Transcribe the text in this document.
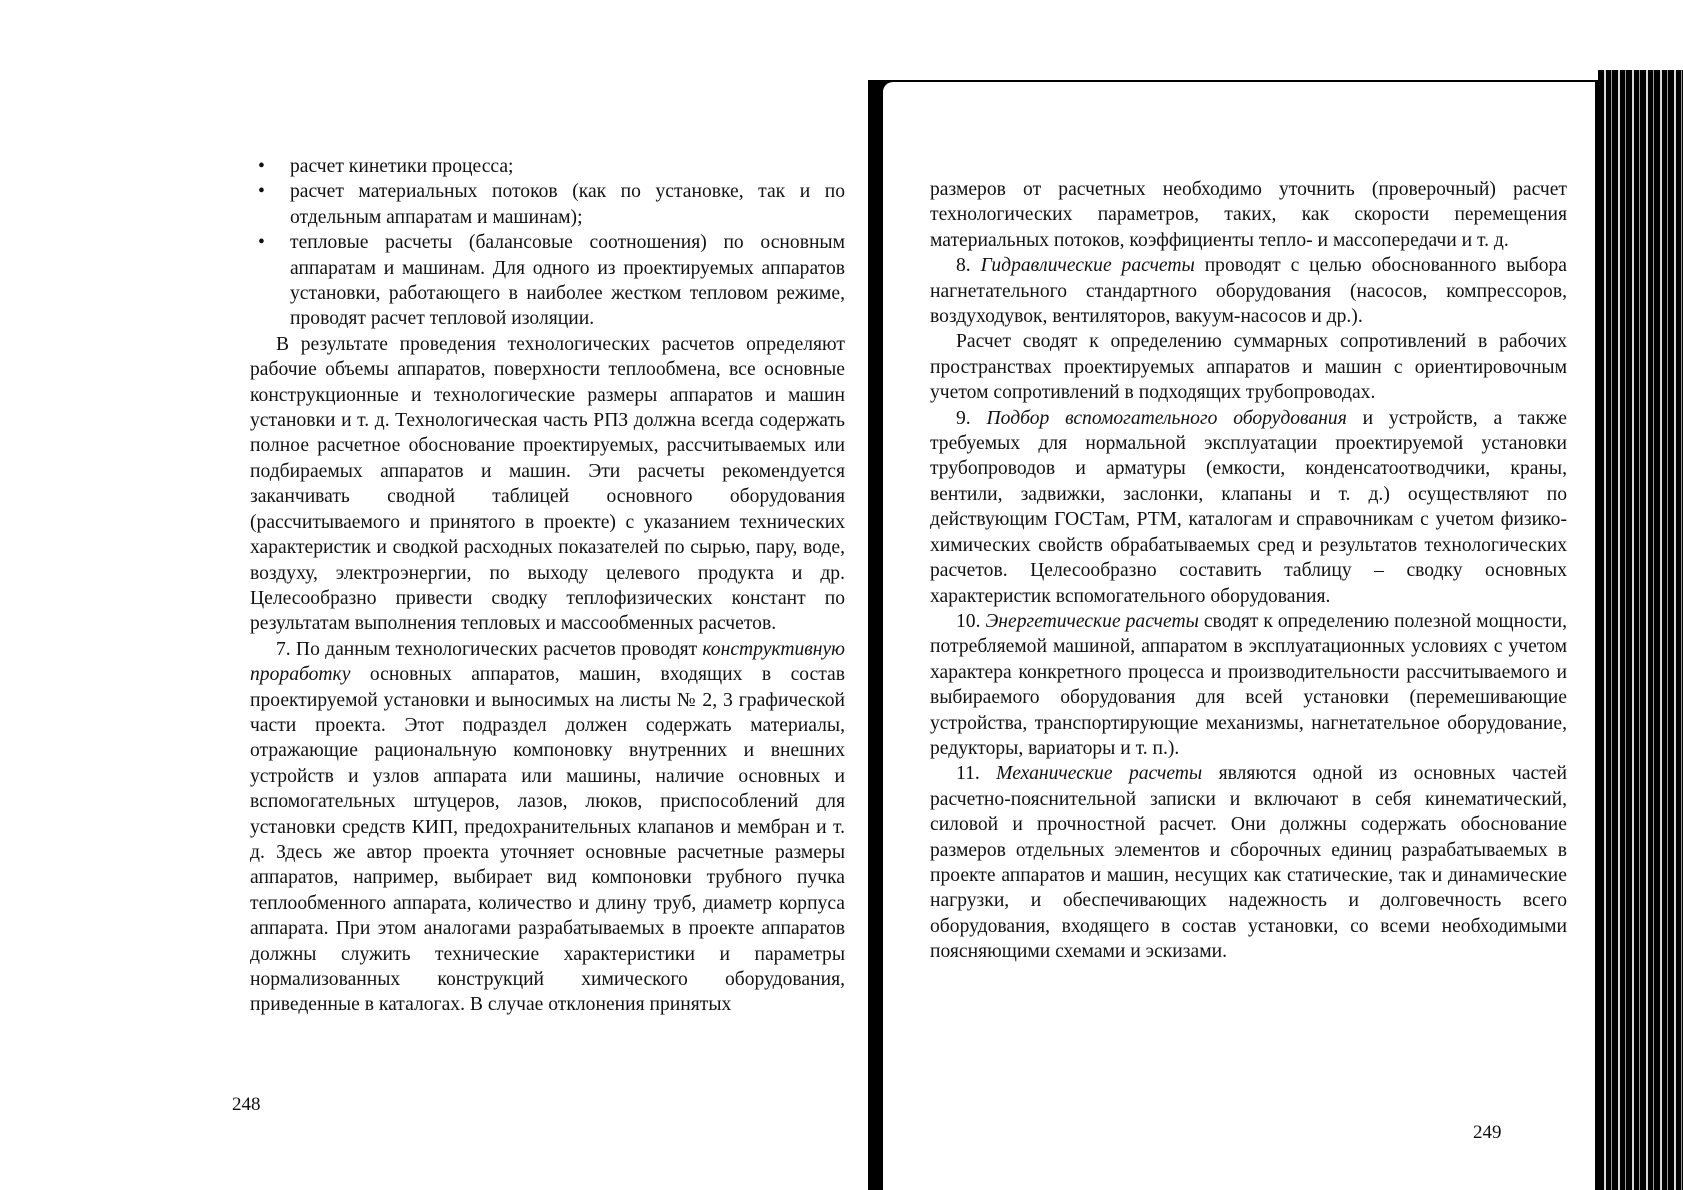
• расчет кинетики процесса;
• расчет материальных потоков (как по установке, так и по отдельным аппаратам и машинам);
• тепловые расчеты (балансовые соотношения) по основным аппаратам и машинам. Для одного из проектируемых аппаратов установки, работающего в наиболее жестком тепловом режиме, проводят расчет тепловой изоляции.

В результате проведения технологических расчетов определяют рабочие объемы аппаратов, поверхности теплообмена, все основные конструкционные и технологические размеры аппаратов и машин установки и т. д. Технологическая часть РПЗ должна всегда содержать полное расчетное обоснование проектируемых, рассчитываемых или подбираемых аппаратов и машин. Эти расчеты рекомендуется заканчивать сводной таблицей основного оборудования (рассчитываемого и принятого в проекте) с указанием технических характеристик и сводкой расходных показателей по сырью, пару, воде, воздуху, электроэнергии, по выходу целевого продукта и др. Целесообразно привести сводку теплофизических констант по результатам выполнения тепловых и массообменных расчетов.

7. По данным технологических расчетов проводят конструктивную проработку основных аппаратов, машин, входящих в состав проектируемой установки и выносимых на листы № 2, 3 графической части проекта. Этот подраздел должен содержать материалы, отражающие рациональную компоновку внутренних и внешних устройств и узлов аппарата или машины, наличие основных и вспомогательных штуцеров, лазов, люков, приспособлений для установки средств КИП, предохранительных клапанов и мембран и т. д. Здесь же автор проекта уточняет основные расчетные размеры аппаратов, например, выбирает вид компоновки трубного пучка теплообменного аппарата, количество и длину труб, диаметр корпуса аппарата. При этом аналогами разрабатываемых в проекте аппаратов должны служить технические характеристики и параметры нормализованных конструкций химического оборудования, приведенные в каталогах. В случае отклонения принятых

248

размеров от расчетных необходимо уточнить (проверочный) расчет технологических параметров, таких, как скорости перемещения материальных потоков, коэффициенты тепло- и массопередачи и т. д.

8. Гидравлические расчеты проводят с целью обоснованного выбора нагнетательного стандартного оборудования (насосов, компрессоров, воздуходувок, вентиляторов, вакуум-насосов и др.).

Расчет сводят к определению суммарных сопротивлений в рабочих пространствах проектируемых аппаратов и машин с ориентировочным учетом сопротивлений в подходящих трубопроводах.

9. Подбор вспомогательного оборудования и устройств, а также требуемых для нормальной эксплуатации проектируемой установки трубопроводов и арматуры (емкости, конденсатоотводчики, краны, вентили, задвижки, заслонки, клапаны и т. д.) осуществляют по действующим ГОСТам, РТМ, каталогам и справочникам с учетом физико-химических свойств обрабатываемых сред и результатов технологических расчетов. Целесообразно составить таблицу – сводку основных характеристик вспомогательного оборудования.

10. Энергетические расчеты сводят к определению полезной мощности, потребляемой машиной, аппаратом в эксплуатационных условиях с учетом характера конкретного процесса и производительности рассчитываемого и выбираемого оборудования для всей установки (перемешивающие устройства, транспортирующие механизмы, нагнетательное оборудование, редукторы, вариаторы и т. п.).

11. Механические расчеты являются одной из основных частей расчетно-пояснительной записки и включают в себя кинематический, силовой и прочностной расчет. Они должны содержать обоснование размеров отдельных элементов и сборочных единиц разрабатываемых в проекте аппаратов и машин, несущих как статические, так и динамические нагрузки, и обеспечивающих надежность и долговечность всего оборудования, входящего в состав установки, со всеми необходимыми поясняющими схемами и эскизами.

249
